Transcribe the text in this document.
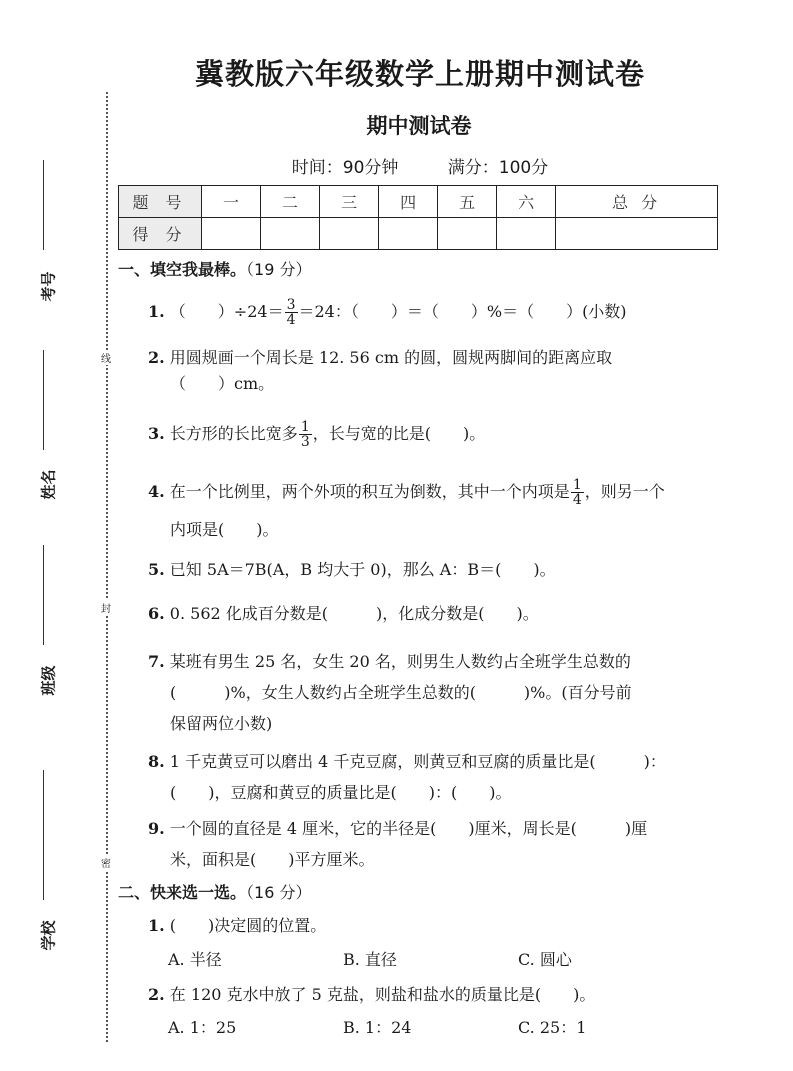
考号
姓名
班级
学校
线
封
密
冀教版六年级数学上册期中测试卷
期中测试卷
时间：90分钟	满分：100分
题 号	一	二	三	四	五	六	总 分
得 分							
一、填空我最棒。（19 分）
1. （　　）$\div 24= \frac{3}{4} =24$：（　　）＝（　　）%＝（　　）(小数)
2. 用圆规画一个周长是 12. 56 cm 的圆，圆规两脚间的距离应取
（　　）cm。
3. 长方形的长比宽多 $\frac{1}{3}$ ，长与宽的比是(　　)。
4. 在一个比例里，两个外项的积互为倒数，其中一个内项是 $\frac{1}{4}$ ，则另一个
内项是(　　)。
5. 已知 5A＝7B(A，B 均大于 0)，那么 A：B＝(　　)。
6. 0. 562 化成百分数是(　　　)，化成分数是(　　)。
7. 某班有男生 25 名，女生 20 名，则男生人数约占全班学生总数的
(　　　)%，女生人数约占全班学生总数的(　　　)%。(百分号前
保留两位小数)
8. 1 千克黄豆可以磨出 4 千克豆腐，则黄豆和豆腐的质量比是(　　　)：
(　　)，豆腐和黄豆的质量比是(　　)：(　　)。
9. 一个圆的直径是 4 厘米，它的半径是(　　)厘米，周长是(　　　)厘
米，面积是(　　)平方厘米。
二、快来选一选。（16 分）
1. (　　)决定圆的位置。
A. 半径	B. 直径	C. 圆心
2. 在 120 克水中放了 5 克盐，则盐和盐水的质量比是(　　)。
A. 1：25	B. 1：24	C. 25：1
